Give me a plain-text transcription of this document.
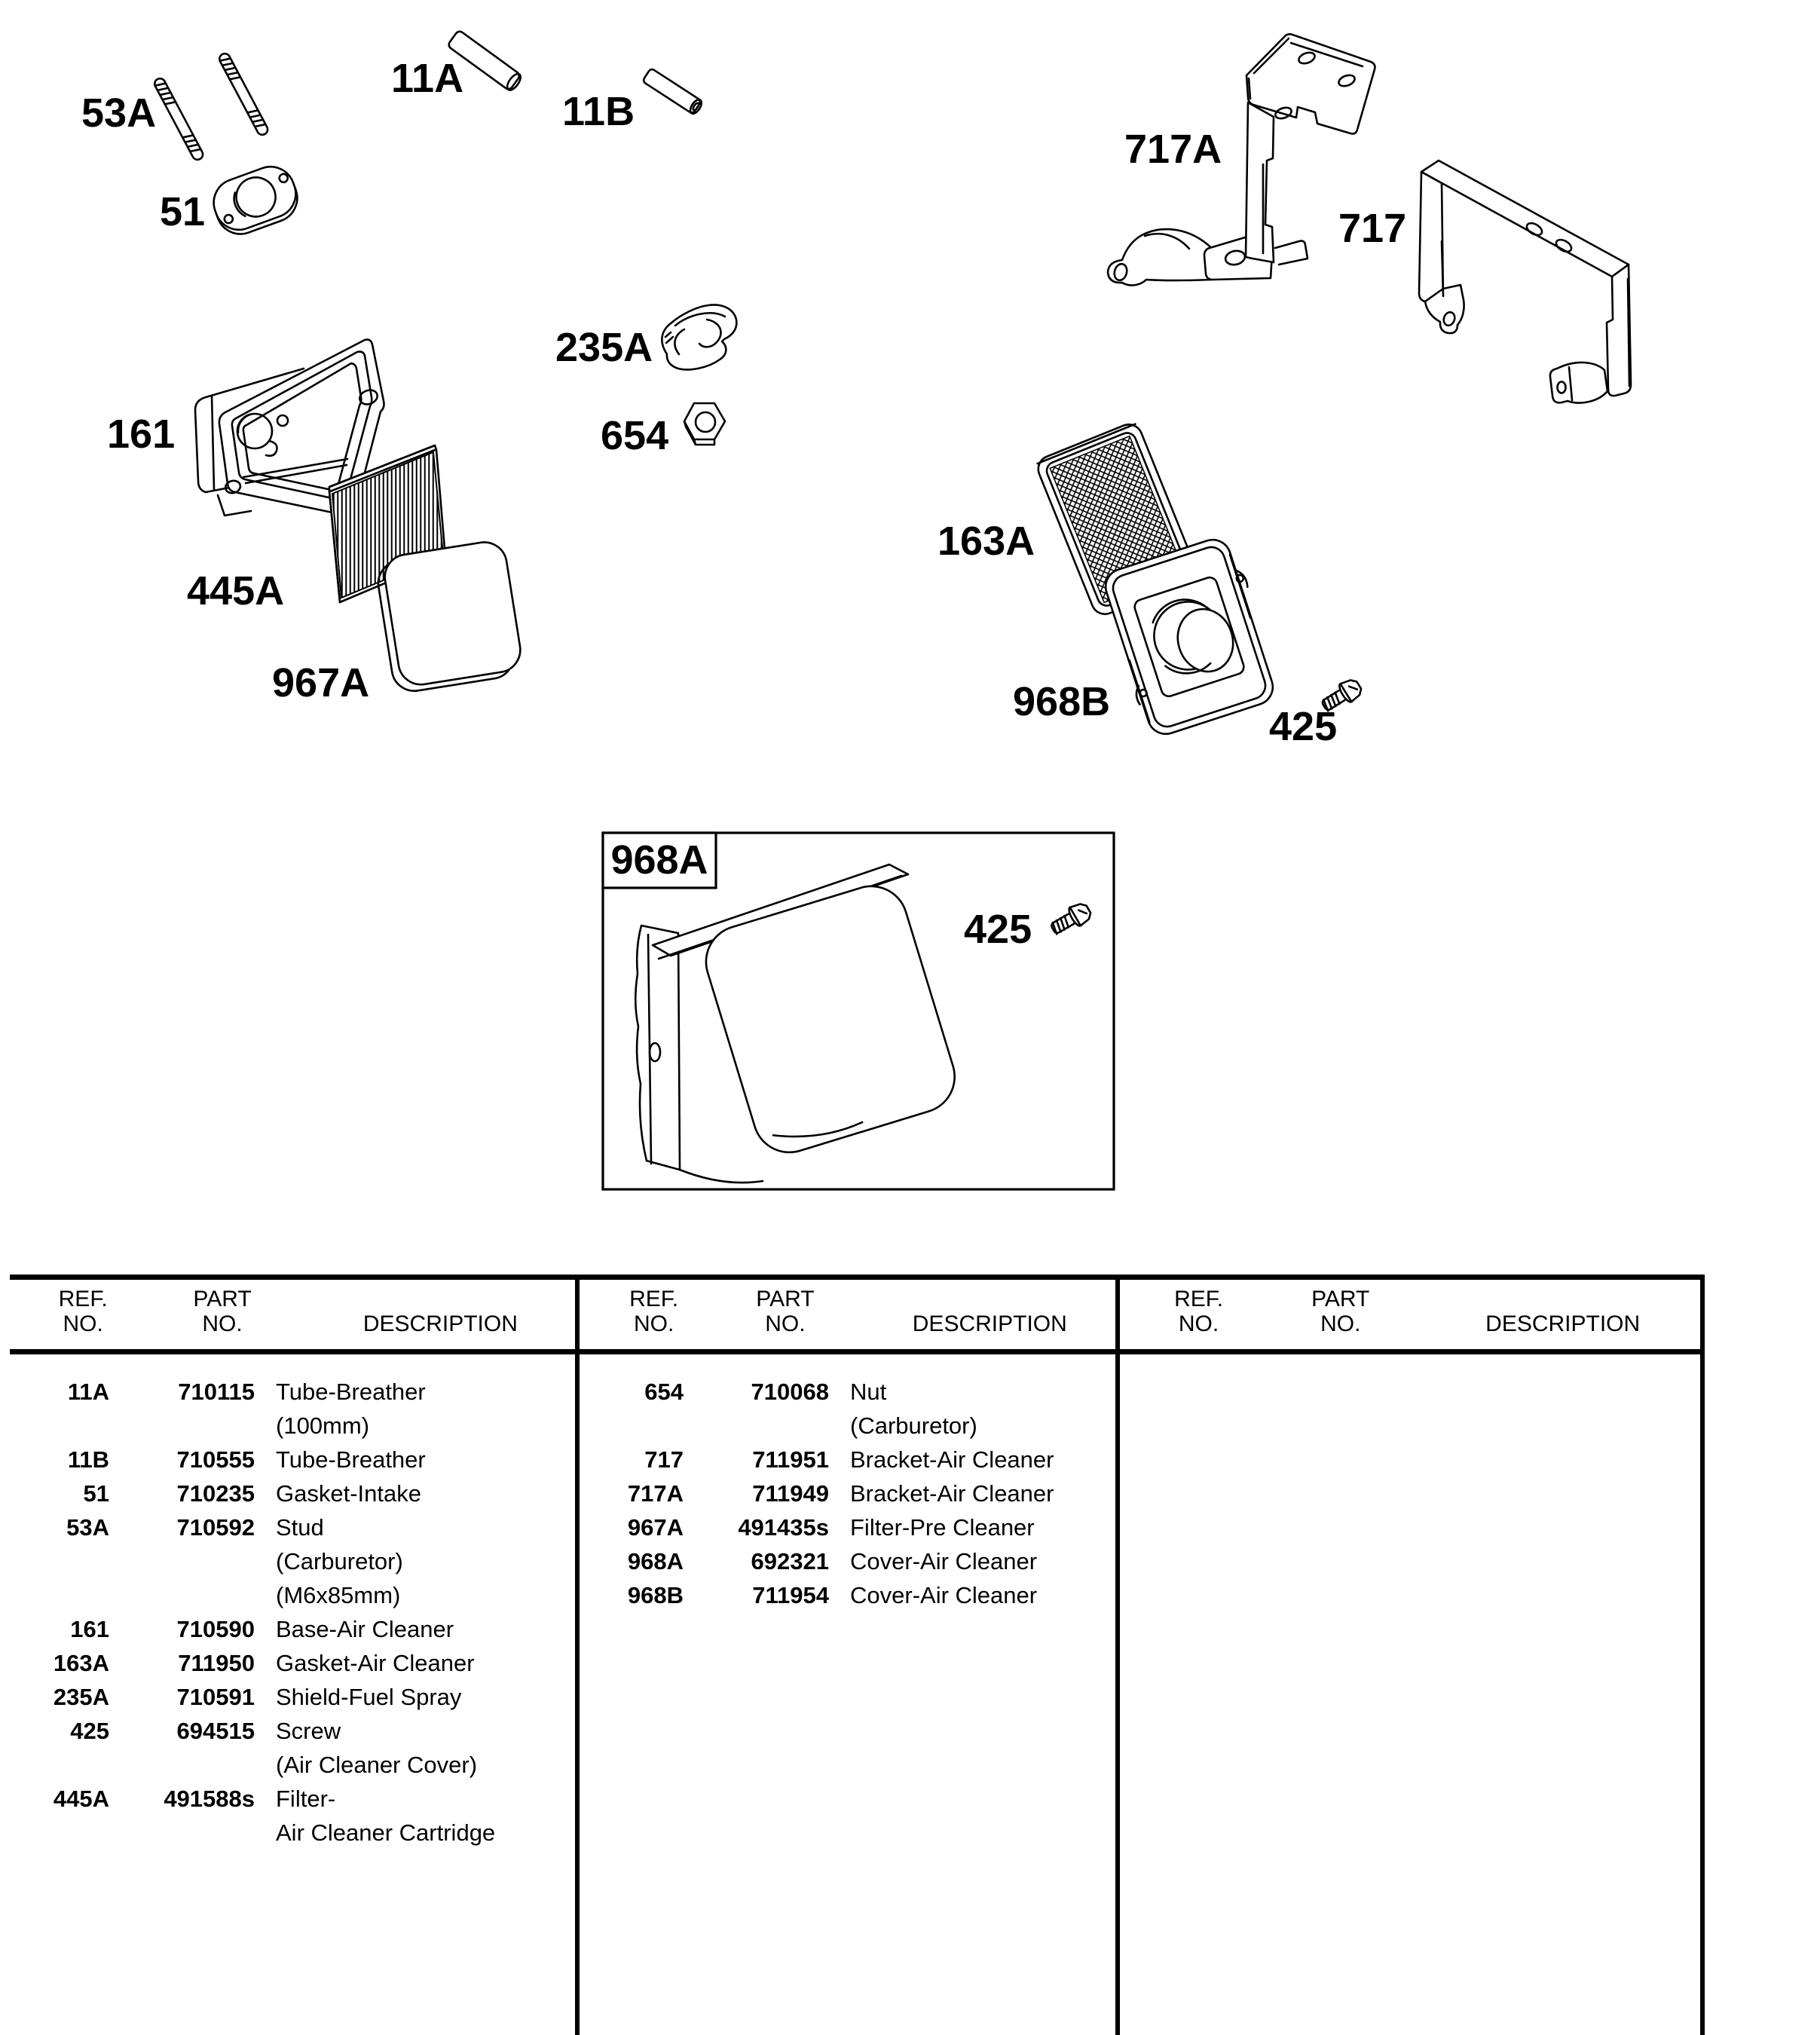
53A
11A
11B
51
235A
654
161
445A
967A
717A
717
163A
968B
425
968A
425
REF.	PART
NO.	NO.	DESCRIPTION
11A	710115 Tube-Breather
(100mm)
11B	710555 Tube-Breather
51	710235 Gasket-Intake
53A	710592 Stud
(Carburetor)
(M6x85mm)
161	710590 Base-Air Cleaner
163A	711950 Gasket-Air Cleaner
235A	710591 Shield-Fuel Spray
425	694515 Screw
(Air Cleaner Cover)
445A	491588s Filter-
Air Cleaner Cartridge
REF.	PART
NO.	NO.	DESCRIPTION
654	710068 Nut
(Carburetor)
717	711951 Bracket-Air Cleaner
717A	711949 Bracket-Air Cleaner
967A	491435s Filter-Pre Cleaner
968A	692321 Cover-Air Cleaner
968B	711954 Cover-Air Cleaner
REF.	PART
NO.	NO.	DESCRIPTION
